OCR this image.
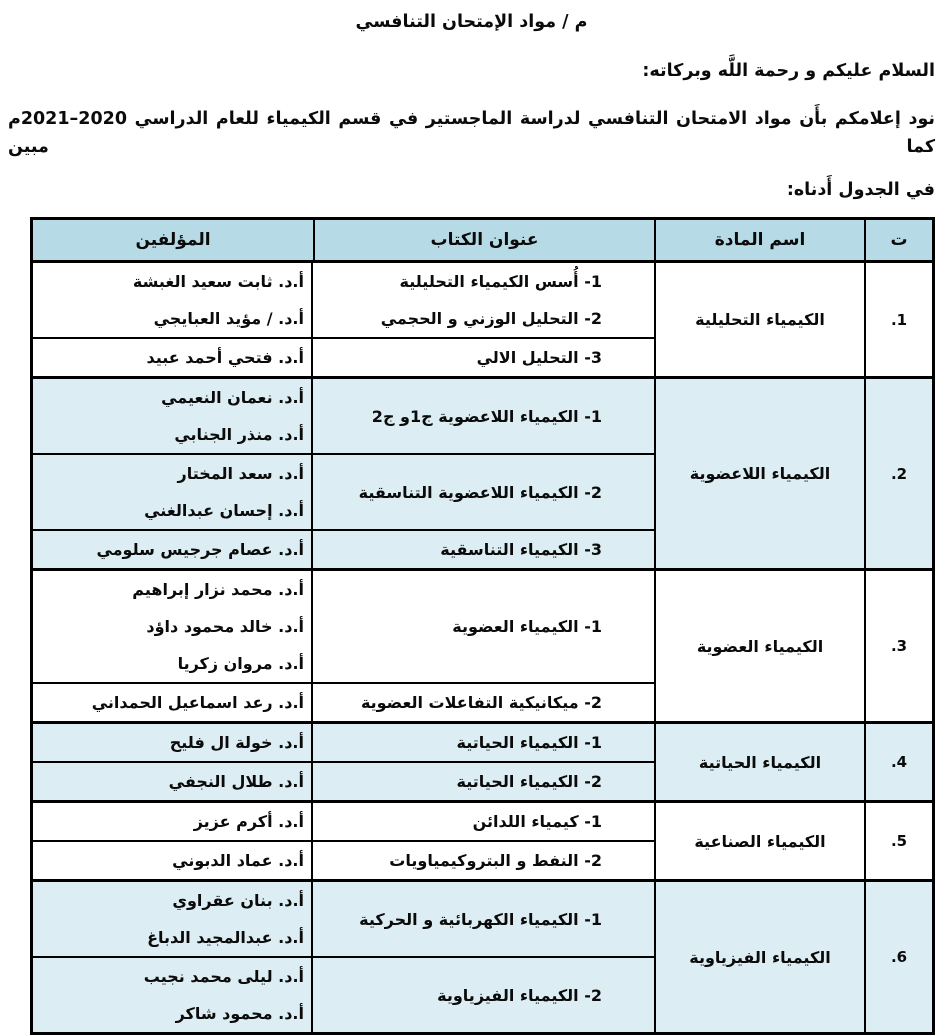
م / مواد الإمتحان التنافسي
السلام عليكم و رحمة اللَّه وبركاته:
نود إعلامكم بأَن مواد الامتحان التنافسي لدراسة الماجستير في قسم الكيمياء للعام الدراسي 2020–2021م كما مبين
في الجدول أَدناه:
ت
اسم المادة
عنوان الكتاب
المؤلفين
1.
الكيمياء التحليلية
1- أُسس الكيمياء التحليلية
2- التحليل الوزني و الحجمي
أ.د. ثابت سعيد الغبشة
أ.د. / مؤيد العبايجي
3- التحليل الالي
أ.د. فتحي أحمد عبيد
2.
الكيمياء اللاعضوية
1- الكيمياء اللاعضوية ج1و ج2
أ.د. نعمان النعيمي
أ.د. منذر الجنابي
2- الكيمياء اللاعضوية التناسقية
أ.د. سعد المختار
أ.د. إحسان عبدالغني
3- الكيمياء التناسقية
أ.د. عصام جرجيس سلومي
3.
الكيمياء العضوية
1- الكيمياء العضوية
أ.د. محمد نزار إبراهيم
أ.د. خالد محمود داؤد
أ.د. مروان زكريا
2- ميكانيكية التفاعلات العضوية
أ.د. رعد اسماعيل الحمداني
4.
الكيمياء الحياتية
1- الكيمياء الحياتية
أ.د. خولة ال فليح
2- الكيمياء الحياتية
أ.د. طلال النجفي
5.
الكيمياء الصناعية
1- كيمياء اللدائن
أ.د. أكرم عزيز
2- النفط و البتروكيمياويات
أ.د. عماد الدبوني
6.
الكيمياء الفيزياوية
1- الكيمياء الكهربائية و الحركية
أ.د. بنان عقراوي
أ.د. عبدالمجيد الدباغ
2- الكيمياء الفيزياوية
أ.د. ليلى محمد نجيب
أ.د. محمود شاكر
